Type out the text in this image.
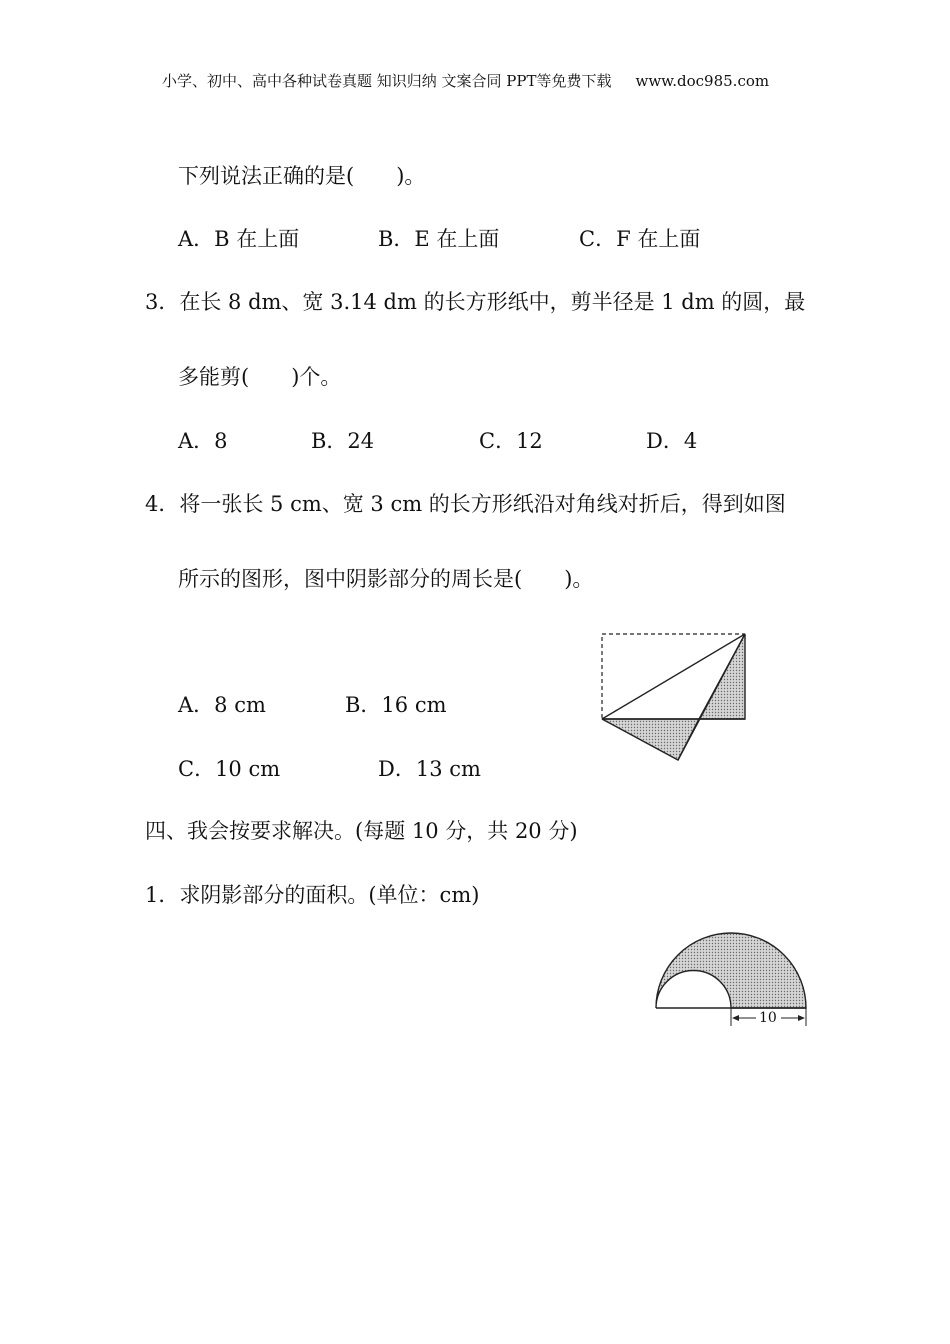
小学、初中、高中各种试卷真题 知识归纳 文案合同 PPT等免费下载 www.doc985.com
下列说法正确的是(　　)。
A．B 在上面	B．E 在上面	C．F 在上面
3．在长 8 dm、宽 3.14 dm 的长方形纸中，剪半径是 1 dm 的圆，最
多能剪(　　)个。
A．8	B．24	C．12	D．4
4．将一张长 5 cm、宽 3 cm 的长方形纸沿对角线对折后，得到如图
所示的图形，图中阴影部分的周长是(　　)。
A．8 cm	B．16 cm
C．10 cm	D．13 cm
四、我会按要求解决。(每题 10 分，共 20 分)
1．求阴影部分的面积。(单位：cm)
10
